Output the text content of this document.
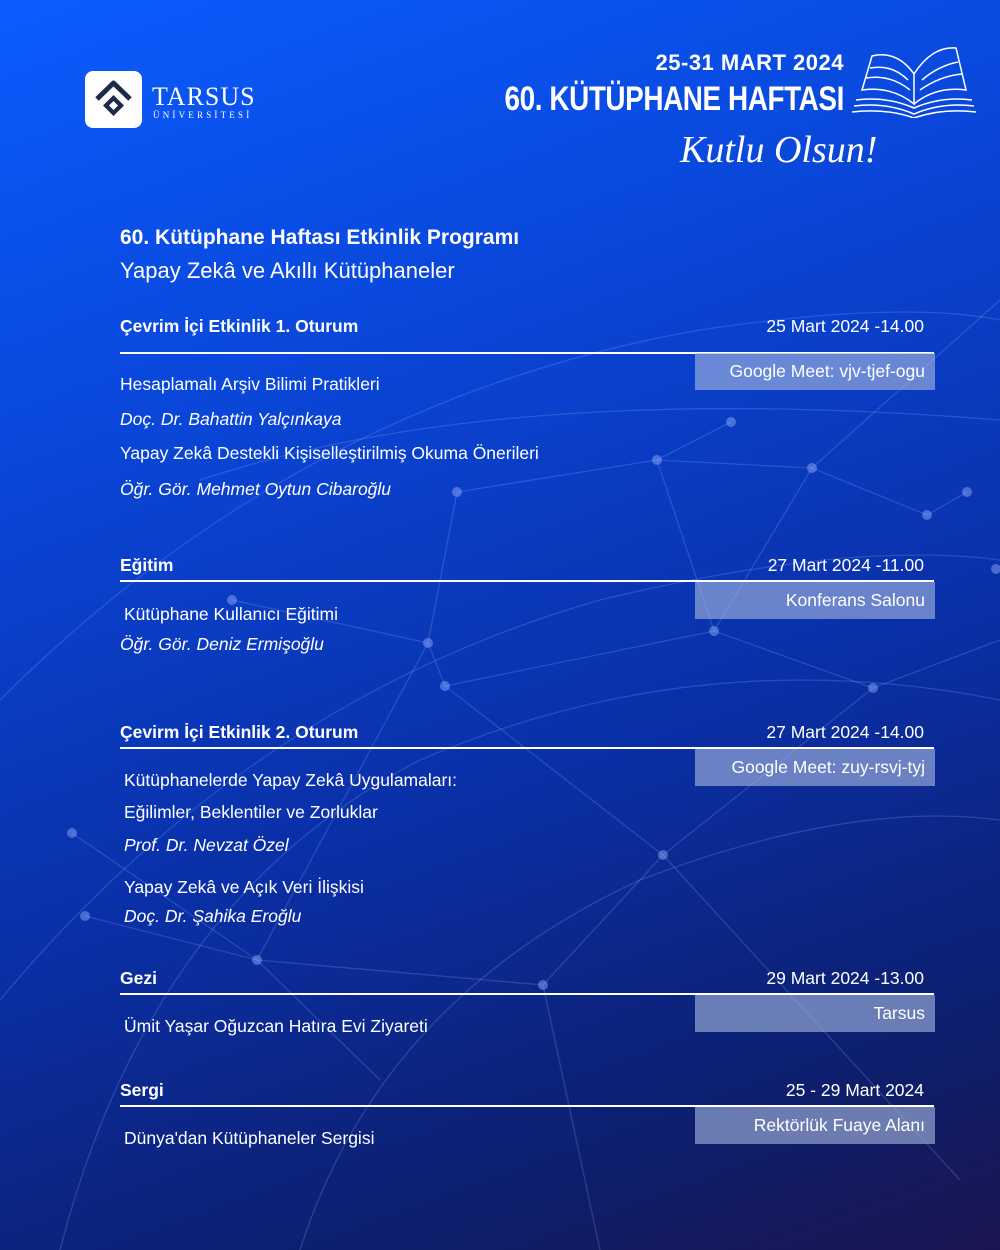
TARSUS
ÜNİVERSİTESİ
25-31 MART 2024
60. KÜTÜPHANE HAFTASI
Kutlu Olsun!
60. Kütüphane Haftası Etkinlik Programı
Yapay Zekâ ve Akıllı Kütüphaneler
Çevrim İçi Etkinlik 1. Oturum	25 Mart 2024 -14.00
Google Meet: vjv-tjef-ogu
Hesaplamalı Arşiv Bilimi Pratikleri
Doç. Dr. Bahattin Yalçınkaya
Yapay Zekâ Destekli Kişiselleştirilmiş Okuma Önerileri
Öğr. Gör. Mehmet Oytun Cibaroğlu
Eğitim	27 Mart 2024 -11.00
Konferans Salonu
Kütüphane Kullanıcı Eğitimi
Öğr. Gör. Deniz Ermişoğlu
Çevirm İçi Etkinlik 2. Oturum	27 Mart 2024 -14.00
Google Meet: zuy-rsvj-tyj
Kütüphanelerde Yapay Zekâ Uygulamaları:
Eğilimler, Beklentiler ve Zorluklar
Prof. Dr. Nevzat Özel
Yapay Zekâ ve Açık Veri İlişkisi
Doç. Dr. Şahika Eroğlu
Gezi	29 Mart 2024 -13.00
Tarsus
Ümit Yaşar Oğuzcan Hatıra Evi Ziyareti
Sergi	25 - 29 Mart 2024
Rektörlük Fuaye Alanı
Dünya'dan Kütüphaneler Sergisi
